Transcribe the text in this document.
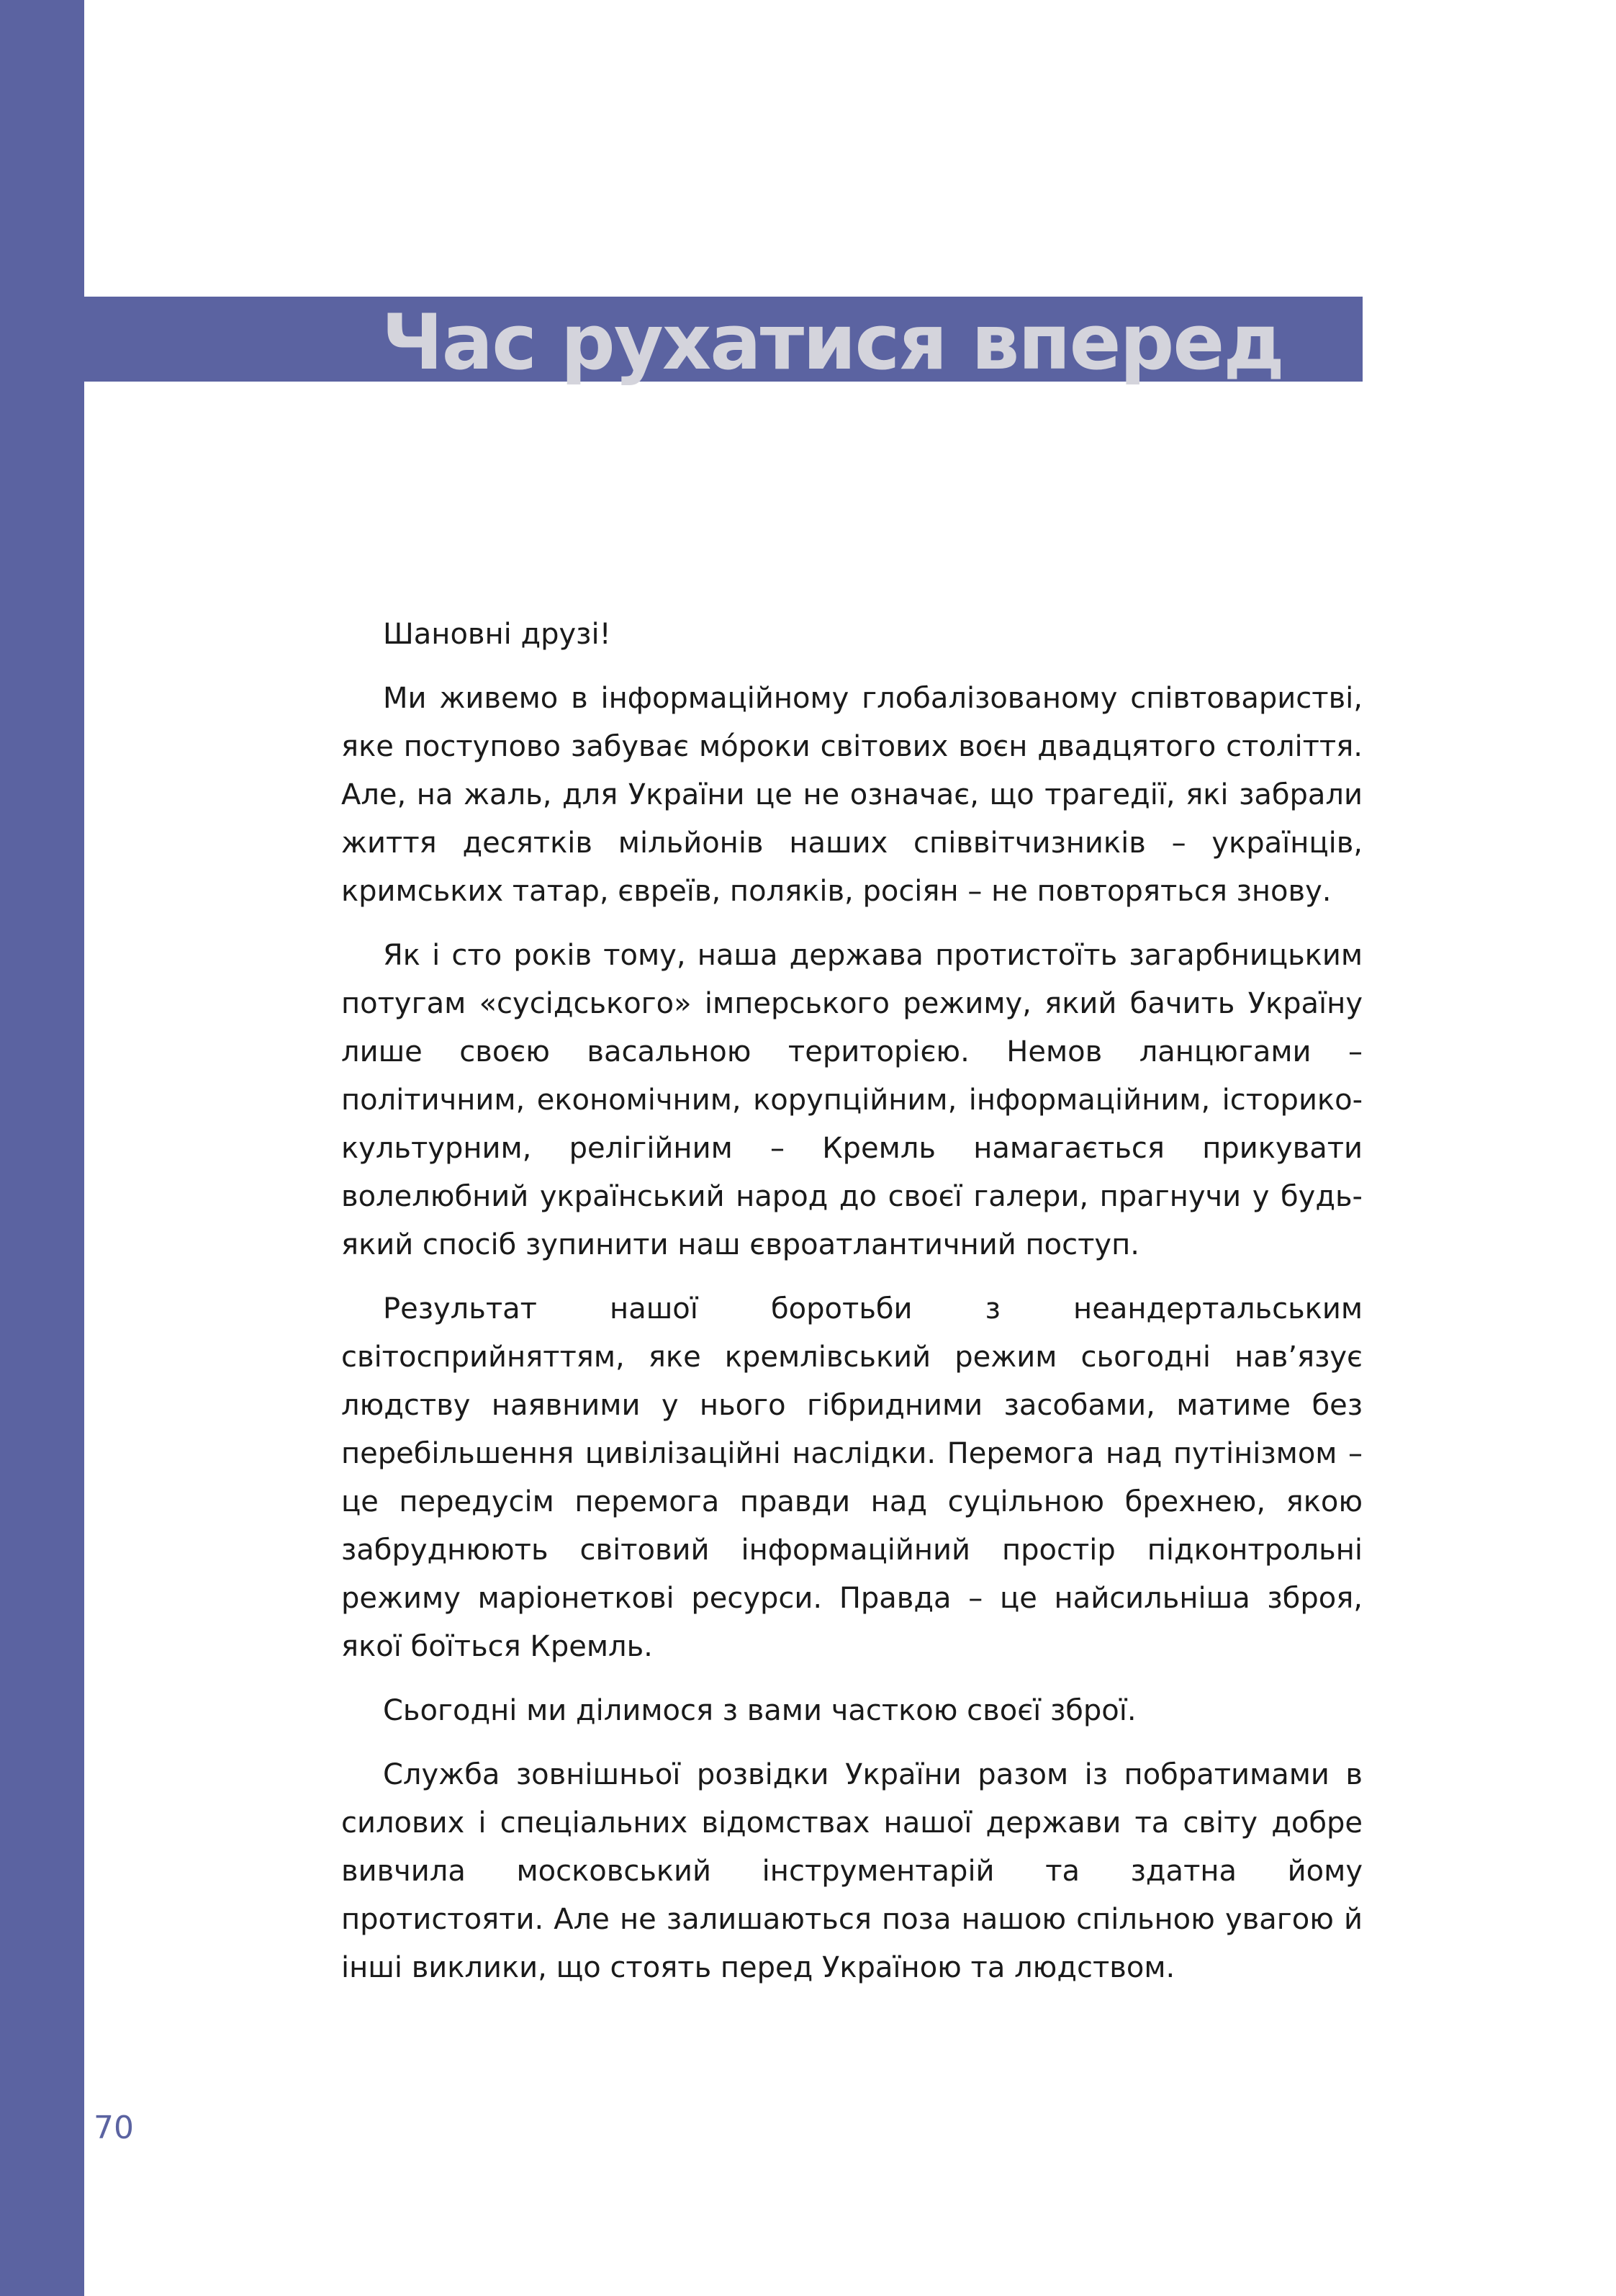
Час рухатися вперед

Шановні друзі!

Ми живемо в інформаційному глобалізованому співтоваристві, яке поступово забуває мо́роки світових воєн двадцятого століття. Але, на жаль, для України це не означає, що трагедії, які забрали життя десятків мільйонів наших співвітчизників – українців, кримських татар, євреїв, поляків, росіян – не повторяться знову.

Як і сто років тому, наша держава протистоїть загарбницьким потугам «сусідського» імперського режиму, який бачить Україну лише своєю васальною територією. Немов ланцюгами – політичним, економічним, корупційним, інформаційним, історико-культурним, релігійним – Кремль намагається прикувати волелюбний український народ до своєї галери, прагнучи у будь-який спосіб зупинити наш євроатлантичний поступ.

Результат нашої боротьби з неандертальським світосприйняттям, яке кремлівський режим сьогодні нав’язує людству наявними у нього гібридними засобами, матиме без перебільшення цивілізаційні наслідки. Перемога над путінізмом – це передусім перемога правди над суцільною брехнею, якою забруднюють світовий інформаційний простір підконтрольні режиму маріонеткові ресурси. Правда – це найсильніша зброя, якої боїться Кремль.

Сьогодні ми ділимося з вами часткою своєї зброї.

Служба зовнішньої розвідки України разом із побратимами в силових і спеціальних відомствах нашої держави та світу добре вивчила московський інструментарій та здатна йому протистояти. Але не залишаються поза нашою спільною увагою й інші виклики, що стоять перед Україною та людством.

70
